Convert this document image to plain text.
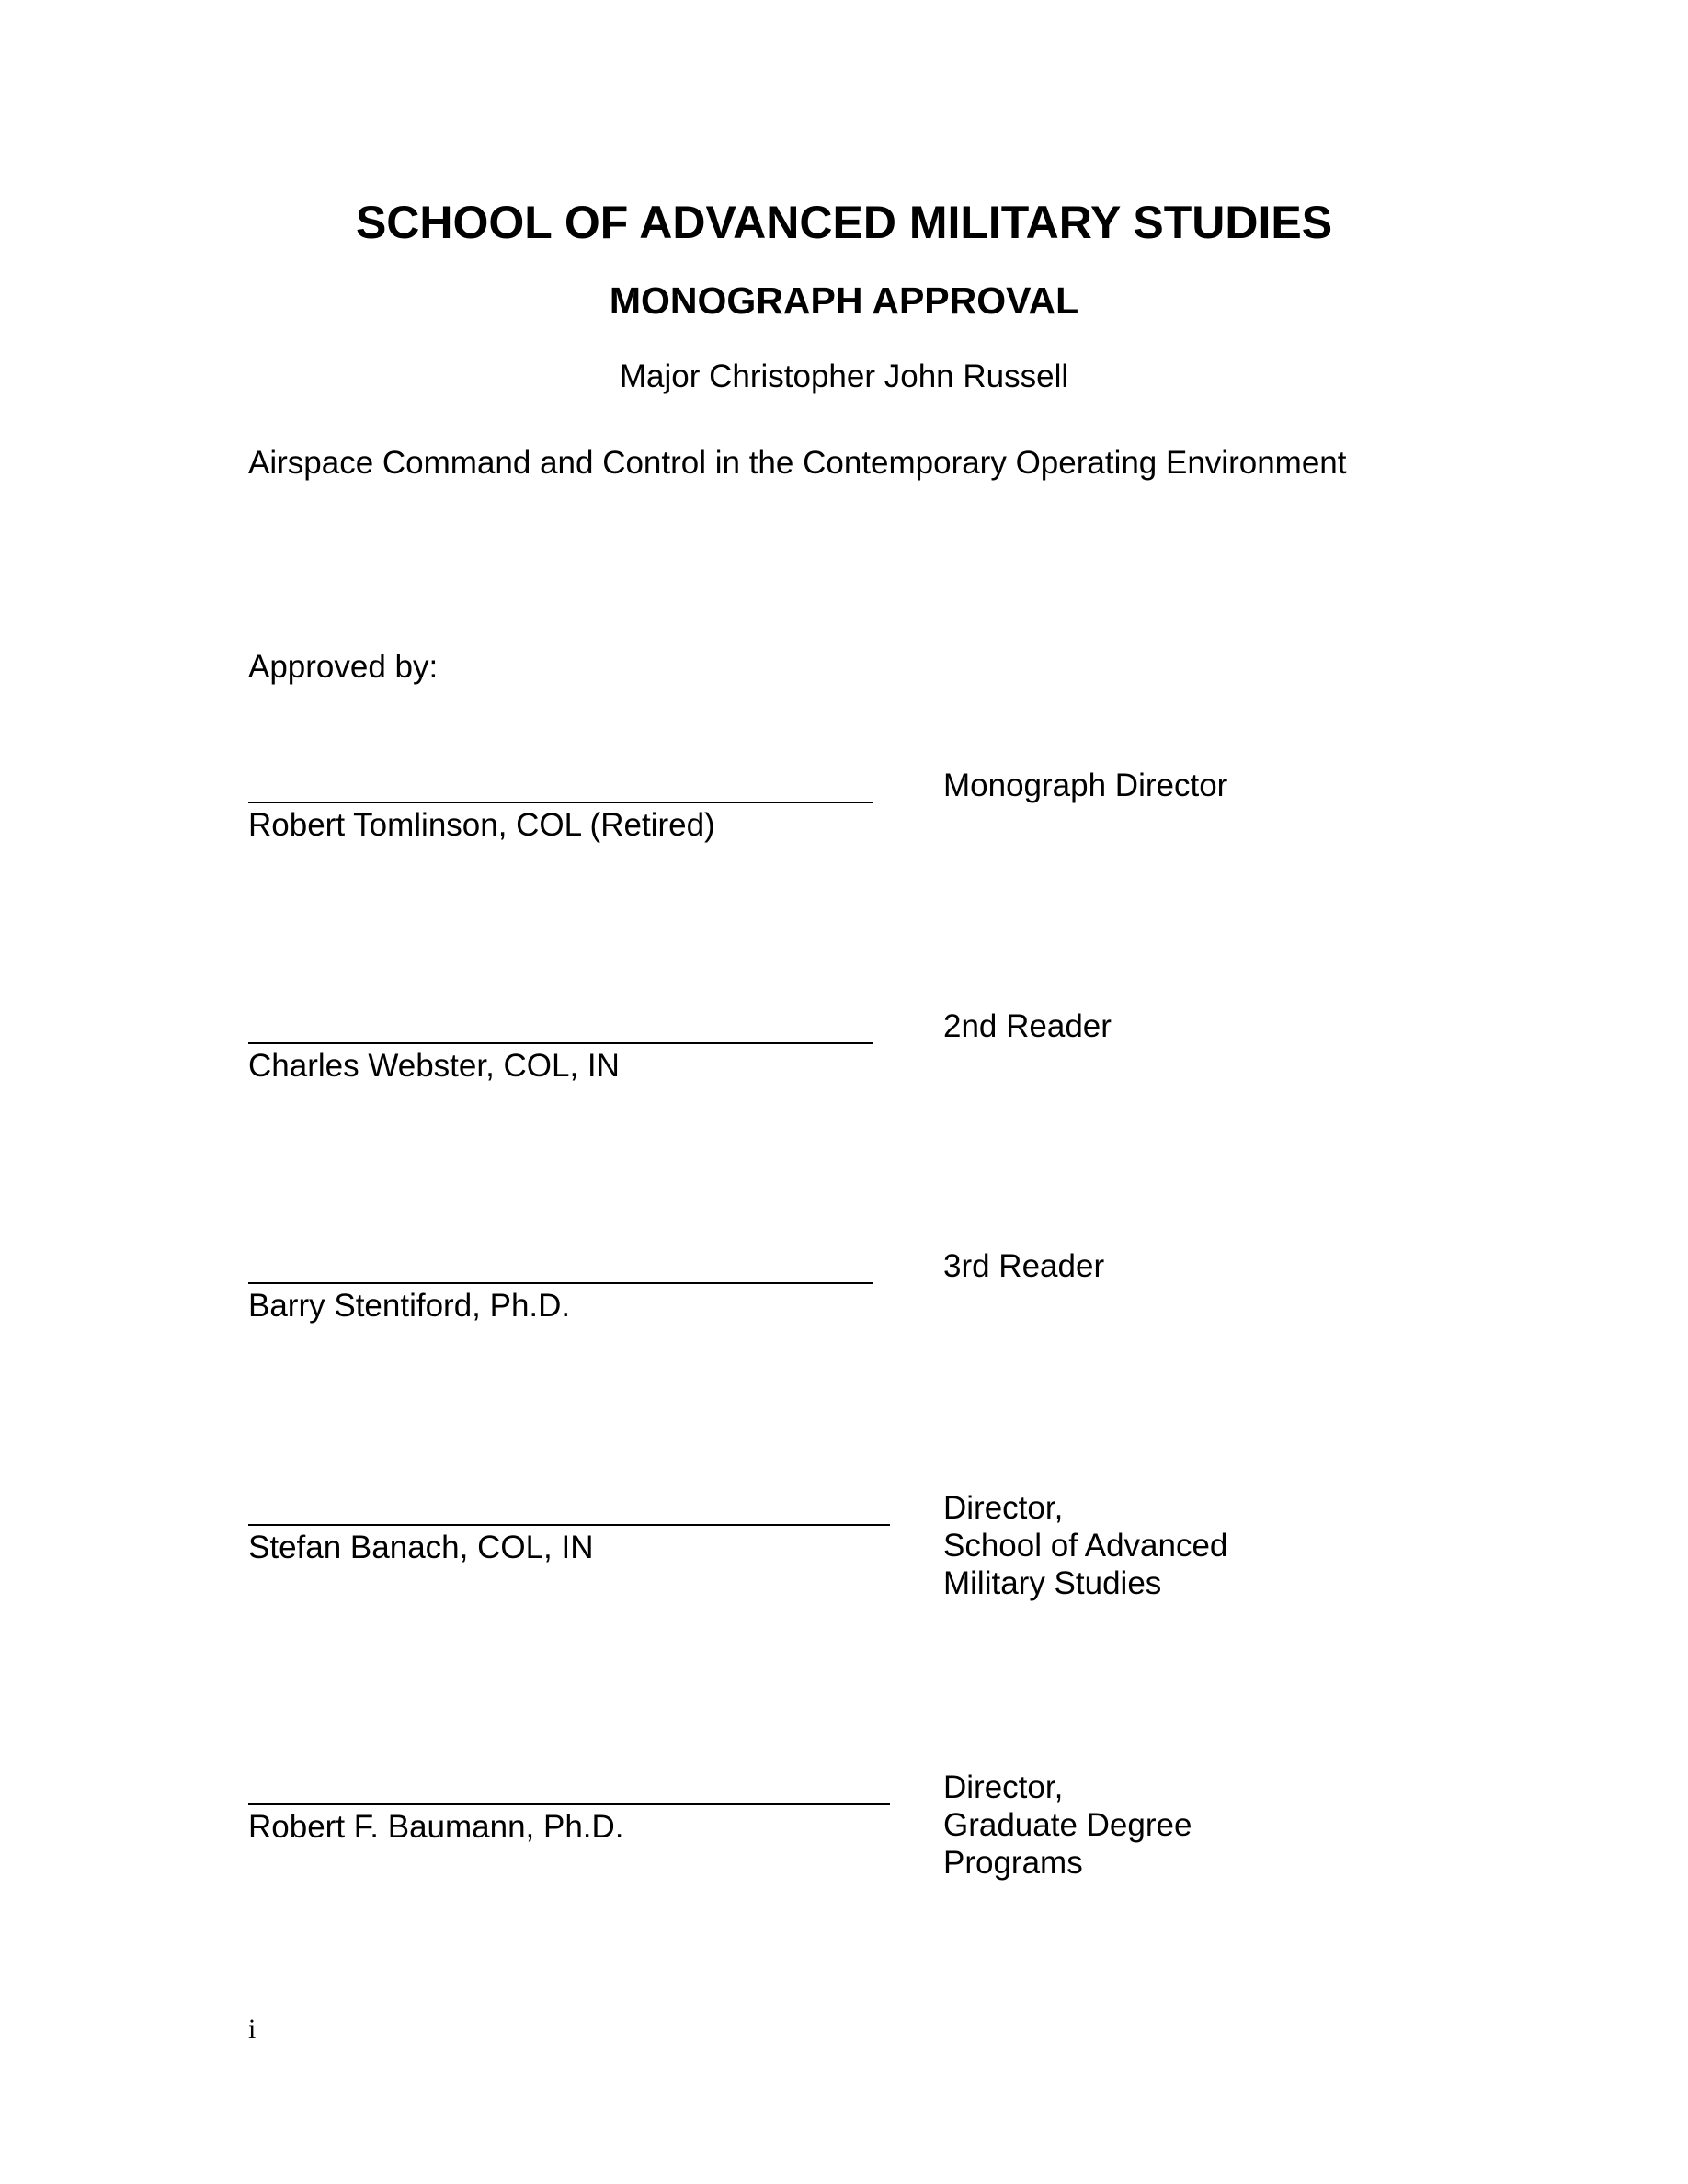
SCHOOL OF ADVANCED MILITARY STUDIES
MONOGRAPH APPROVAL
Major Christopher John Russell
Airspace Command and Control in the Contemporary Operating Environment
Approved by:
Robert Tomlinson, COL (Retired)
Monograph Director
Charles Webster, COL, IN
2nd Reader
Barry Stentiford, Ph.D.
3rd Reader
Stefan Banach, COL, IN
Director,
School of Advanced
Military Studies
Robert F. Baumann, Ph.D.
Director,
Graduate Degree
Programs
i
